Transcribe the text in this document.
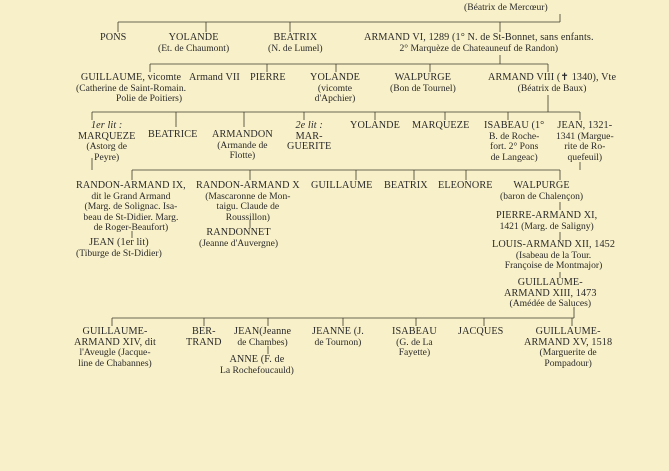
(Béatrix de Mercœur)
PONS	YOLANDE
(Et. de Chaumont)
BEATRIX
(N. de Lumel)
ARMAND VI, 1289 (1° N. de St-Bonnet, sans enfants.
2° Marquèze de Chateauneuf de Randon)
GUILLAUME, vicomte
(Catherine de Saint-Romain.
Armand VII
Polie de Poitiers)
PIERRE YOLANDE
(vicomte
d'Apchier)
WALPURGE
(Bon de Tournel)
ARMAND VIII (✝ 1340), Vte
(Béatrix de Baux)
1er lit :
MARQUEZE
(Astorg de
Peyre)
BEATRICE ARMANDON
(Armande de
Flotte)
2e lit :
MAR-
GUERITE
YOLANDE MARQUEZE ISABEAU (1°
B. de Roche-
fort. 2° Pons
de Langeac)
JEAN, 1321-
1341 (Margue-
rite de Ro-
quefeuil)
RANDON-ARMAND IX,
dit le Grand Armand
(Marg. de Solignac. Isa-
beau de St-Didier. Marg.
de Roger-Beaufort)
RANDON-ARMAND X
(Mascaronne de Mon-
taigu. Claude de
Roussillon)
GUILLAUME BEATRIX ELEONORE	WALPURGE
(baron de Chalençon)
JEAN (1er lit)
(Tiburge de St-Didier)
RANDONNET
(Jeanne d'Auvergne)
PIERRE-ARMAND XI,
1421 (Marg. de Saligny)
LOUIS-ARMAND XII, 1452
(Isabeau de la Tour.
Françoise de Montmajor)
GUILLAUME-
ARMAND XIII, 1473
(Amédée de Saluces)
GUILLAUME-
ARMAND XIV, dit
l'Aveugle (Jacque-
line de Chabannes)
BER-
TRAND
JEAN(Jeanne
de Chambes)
JEANNE (J.
de Tournon)
ISABEAU
(G. de La
Fayette)
JACQUES	GUILLAUME-
ARMAND XV, 1518
(Marguerite de
Pompadour)
ANNE (F. de
La Rochefoucauld)
